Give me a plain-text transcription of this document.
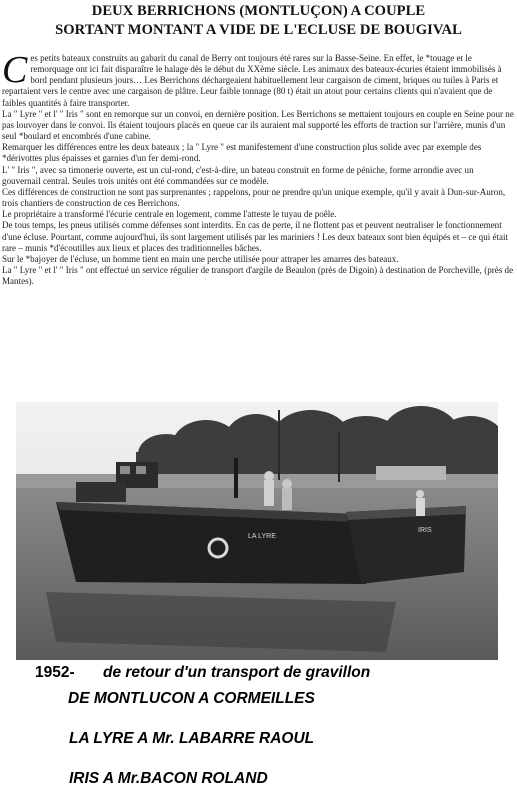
DEUX BERRICHONS (MONTLUÇON) A COUPLE
SORTANT MONTANT A VIDE DE L'ECLUSE DE BOUGIVAL

Ces petits bateaux construits au gabarit du canal de Berry ont toujours été rares sur la Basse-Seine. En effet, le *touage et le remorquage ont ici fait disparaître le halage dès le début du XXème siècle. Les animaux des bateaux-écuries étaient immobilisés à bord pendant plusieurs jours… Les Berrichons déchargeaient habituellement leur cargaison de ciment, briques ou tuiles à Paris et repartaient vers le centre avec une cargaison de plâtre. Leur faible tonnage (80 t) était un atout pour certains clients qui n'avaient que de faibles quantités à faire transporter.

La " Lyre " et l' " Iris " sont en remorque sur un convoi, en dernière position. Les Berrichons se mettaient toujours en couple en Seine pour ne pas louvoyer dans le convoi. Ils étaient toujours placés en queue car ils auraient mal supporté les efforts de traction sur l'arrière, munis d'un seul *boulard et encombrés d'une cabine.

Remarquer les différences entre les deux bateaux ; la " Lyre " est manifestement d'une construction plus solide avec par exemple des *dérivottes plus épaisses et garnies d'un fer demi-rond.

L' " Iris ", avec sa timonerie ouverte, est un cul-rond, c'est-à-dire, un bateau construit en forme de péniche, forme arrondie avec un gouvernail central. Seules trois unités ont été commandées sur ce modèle.

Ces différences de construction ne sont pas surprenantes ; rappelons, pour ne prendre qu'un unique exemple, qu'il y avait à Dun-sur-Auron, trois chantiers de construction de ces Berrichons.

Le propriétaire a transformé l'écurie centrale en logement, comme l'atteste le tuyau de poêle.

De tous temps, les pneus utilisés comme défenses sont interdits. En cas de perte, il ne flottent pas et peuvent neutraliser le fonctionnement d'une écluse. Pourtant, comme aujourd'hui, ils sont largement utilisés par les mariniers ! Les deux bateaux sont bien équipés et – ce qui était rare – munis *d'écoutilles aux lieux et places des traditionnelles bâches.

Sur le *bajoyer de l'écluse, un homme tient en main une perche utilisée pour attraper les amarres des bateaux.

La " Lyre " et l' " Iris " ont effectué un service régulier de transport d'argile de Beaulon (près de Digoin) à destination de Porcheville, (près de Mantes).

LA LYRE
IRIS
1952- de retour d'un transport de gravillon
DE MONTLUCON A CORMEILLES
LA LYRE A Mr. LABARRE RAOUL
IRIS A Mr.BACON ROLAND
